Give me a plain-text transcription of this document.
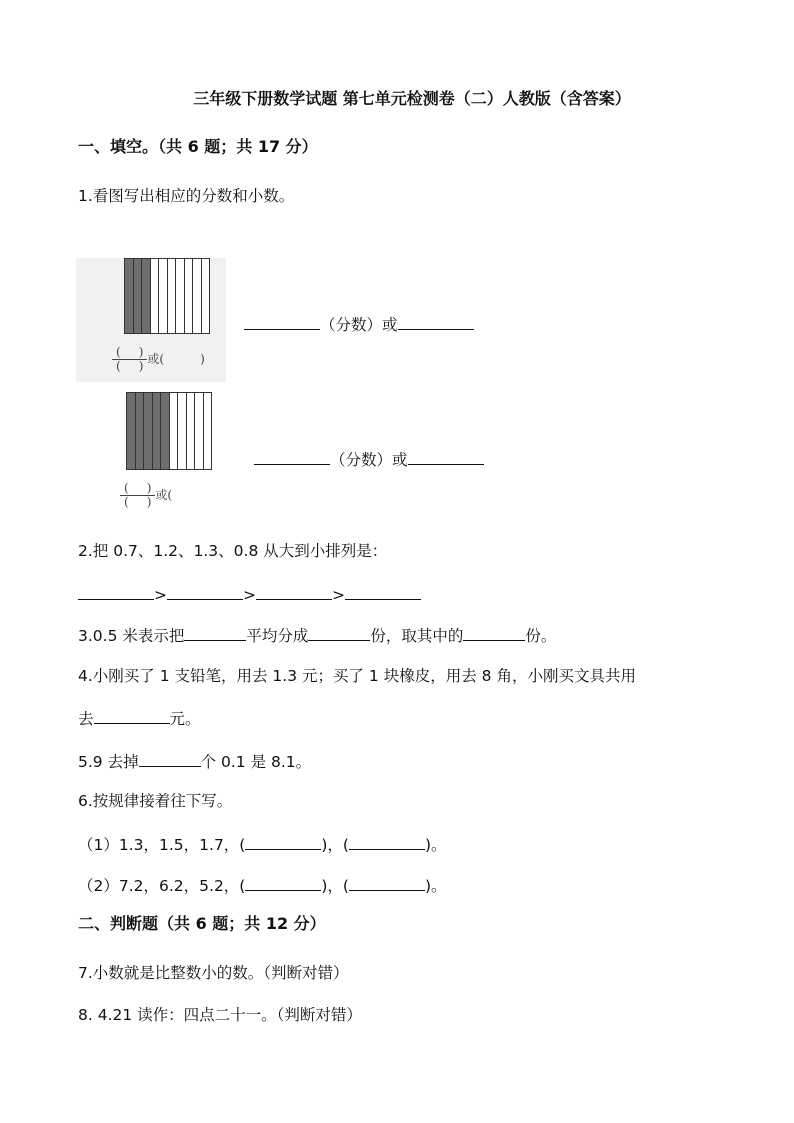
三年级下册数学试题 第七单元检测卷（二）人教版（含答案）
一、填空。（共 6 题；共 17 分）
1.看图写出相应的分数和小数。
$\frac{( )}{( )}$ 或(	)
（分数）或
$\frac{( )}{( )}$ 或(
（分数）或
2.把 0.7、1.2、1.3、0.8 从大到小排列是：
>	>	>
3.0.5 米表示把	平均分成	份，取其中的	份。
4.小刚买了 1 支铅笔，用去 1.3 元；买了 1 块橡皮，用去 8 角，小刚买文具共用
去	元。
5.9 去掉	个 0.1 是 8.1。
6.按规律接着往下写。
（1）1.3，1.5，1.7，(	)，(	)。
（2）7.2，6.2，5.2，(	)，(	)。
二、判断题（共 6 题；共 12 分）
7.小数就是比整数小的数。（判断对错）
8. 4.21 读作：四点二十一。（判断对错）
